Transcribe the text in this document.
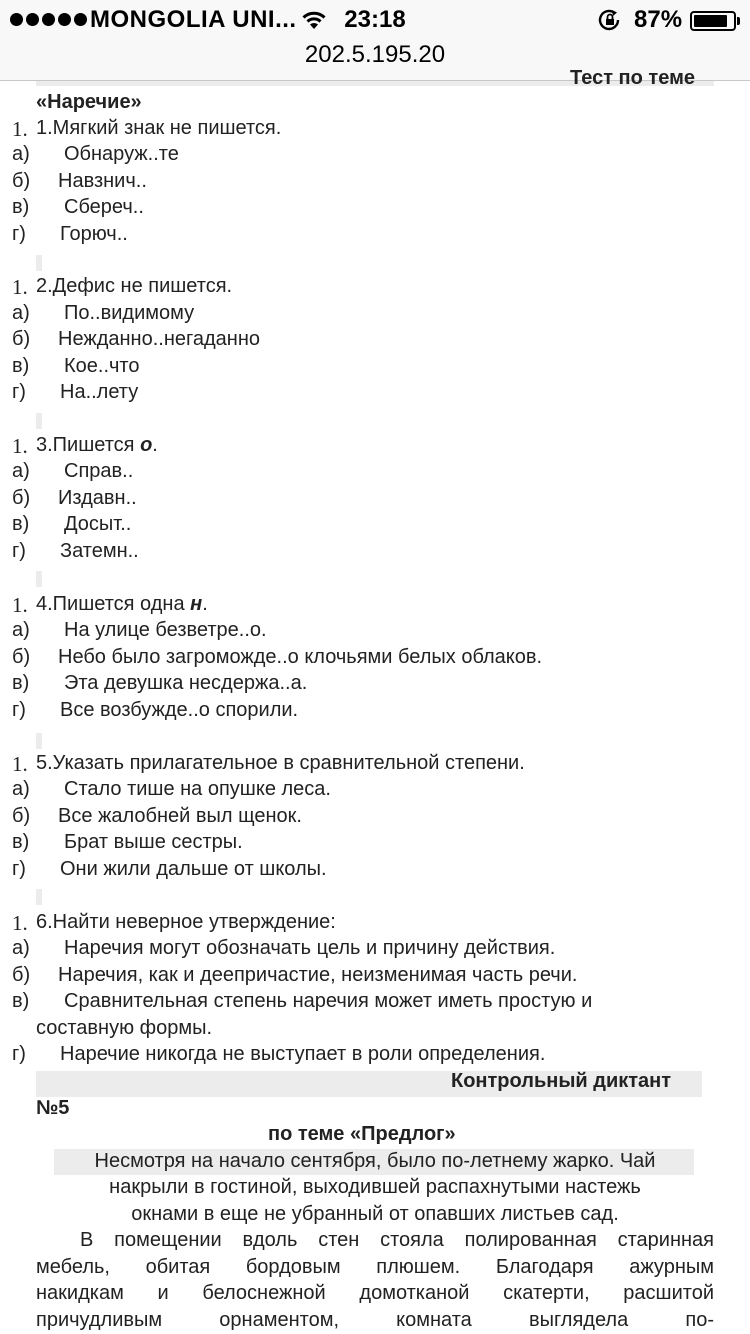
MONGOLIA UNI...	23:18	87%
202.5.195.20
Тест по теме
«Наречие»
1. 1.Мягкий знак не пишется.
а) Обнаруж..те
б) Навзнич..
в) Сбереч..
г) Горюч..
1. 2.Дефис не пишется.
а) По..видимому
б) Нежданно..негаданно
в) Кое..что
г) На..лету
1. 3.Пишется о.
а) Справ..
б) Издавн..
в) Досыт..
г) Затемн..
1. 4.Пишется одна н.
а) На улице безветре..о.
б) Небо было загроможде..о клочьями белых облаков.
в) Эта девушка несдержа..а.
г) Все возбужде..о спорили.
1. 5.Указать прилагательное в сравнительной степени.
а) Стало тише на опушке леса.
б) Все жалобней выл щенок.
в) Брат выше сестры.
г) Они жили дальше от школы.
1. 6.Найти неверное утверждение:
а) Наречия могут обозначать цель и причину действия.
б) Наречия, как и деепричастие, неизменимая часть речи.
в) Сравнительная степень наречия может иметь простую и
составную формы.
г) Наречие никогда не выступает в роли определения.
Контрольный диктант
№5
по теме «Предлог»
Несмотря на начало сентября, было по-летнему жарко. Чай
накрыли в гостиной, выходившей распахнутыми настежь
окнами в еще не убранный от опавших листьев сад.
В помещении вдоль стен стояла полированная старинная
мебель, обитая бордовым плюшем. Благодаря ажурным
накидкам и белоснежной домотканой скатерти, расшитой
причудливым орнаментом, комната выглядела по-
